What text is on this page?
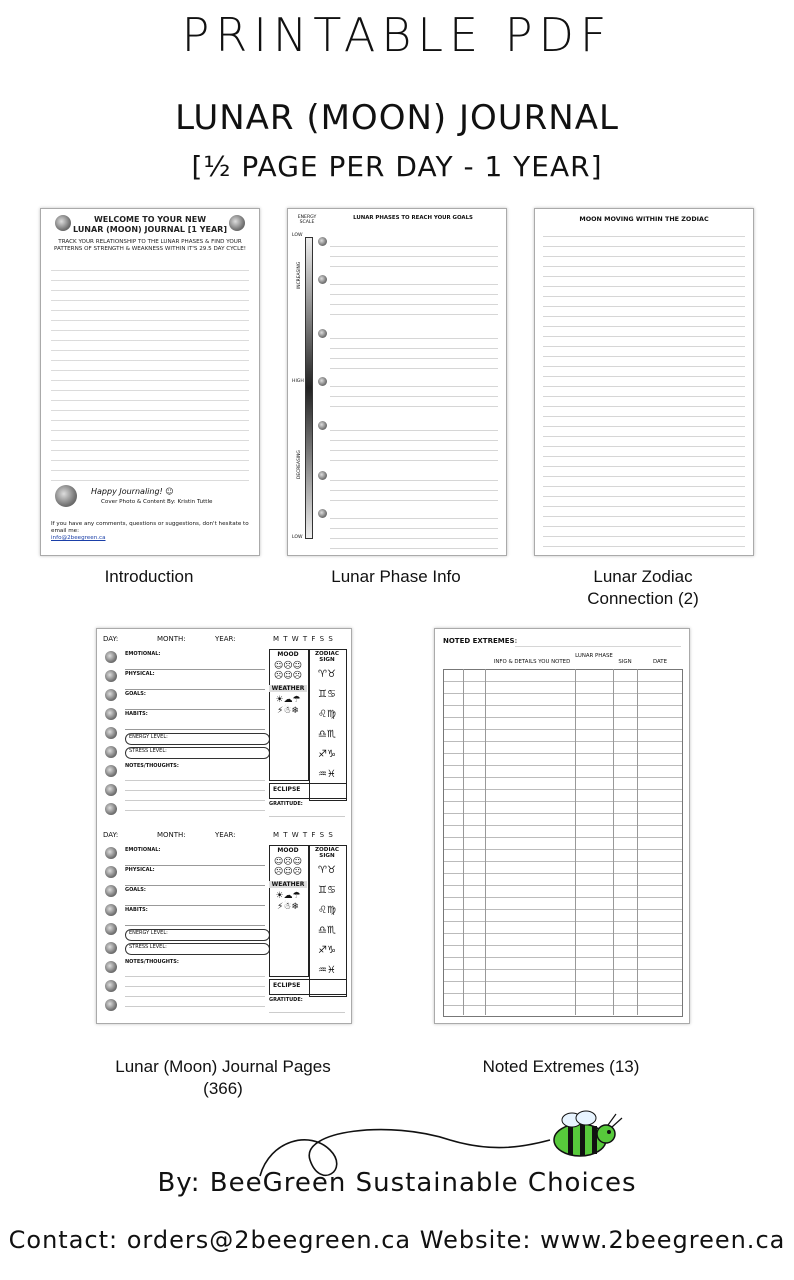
PRINTABLE PDF
LUNAR (MOON) JOURNAL
[½ PAGE PER DAY - 1 YEAR]
WELCOME TO YOUR NEW
LUNAR (MOON) JOURNAL [1 YEAR]
TRACK YOUR RELATIONSHIP TO THE LUNAR PHASES & FIND YOUR PATTERNS OF STRENGTH & WEAKNESS WITHIN IT'S 29.5 DAY CYCLE!
Happy Journaling! ☺
Cover Photo & Content By: Kristin Tuttle
If you have any comments, questions or suggestions, don't hesitate to email me:
info@2beegreen.ca
Introduction
ENERGY SCALE
LUNAR PHASES TO REACH YOUR GOALS
LOW
HIGH
LOW
INCREASING
DECREASING
Lunar Phase Info
MOON MOVING WITHIN THE ZODIAC
Lunar Zodiac
Connection (2)
DAY:	MONTH:	YEAR:	M T W T F S S
EMOTIONAL:
PHYSICAL:
GOALS:
HABITS:
ENERGY LEVEL:
STRESS LEVEL:
NOTES/THOUGHTS:
MOOD
☺☹☺
☹☺☹
WEATHER
☀☁☂
⚡☃❄
ZODIAC SIGN
♈♉
♊♋
♌♍
♎♏
♐♑
♒♓
ECLIPSE
GRATITUDE:
DAY:	MONTH:	YEAR:	M T W T F S S
EMOTIONAL:
PHYSICAL:
GOALS:
HABITS:
ENERGY LEVEL:
STRESS LEVEL:
NOTES/THOUGHTS:
MOOD
☺☹☺
☹☺☹
WEATHER
☀☁☂
⚡☃❄
ZODIAC SIGN
♈♉
♊♋
♌♍
♎♏
♐♑
♒♓
ECLIPSE
GRATITUDE:
Lunar (Moon) Journal Pages
(366)
NOTED EXTREMES:
INFO & DETAILS YOU NOTED
LUNAR PHASE
SIGN	DATE
Noted Extremes (13)
By: BeeGreen Sustainable Choices
Contact: orders@2beegreen.ca Website: www.2beegreen.ca
